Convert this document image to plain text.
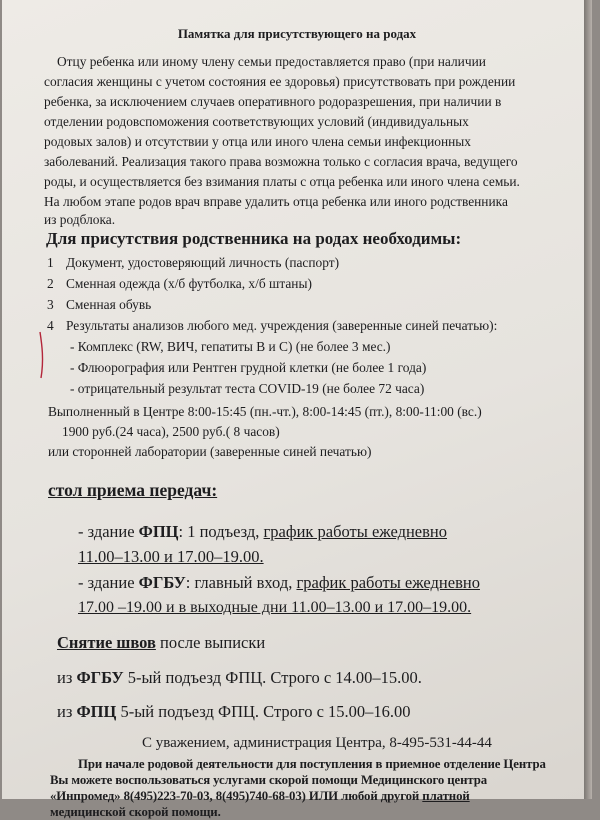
Памятка для присутствующего на родах
Отцу ребенка или иному члену семьи предоставляется право (при наличии
согласия женщины с учетом состояния ее здоровья) присутствовать при рождении
ребенка, за исключением случаев оперативного родоразрешения, при наличии в
отделении родовспоможения соответствующих условий (индивидуальных
родовых залов) и отсутствии у отца или иного члена семьи инфекционных
заболеваний. Реализация такого права возможна только с согласия врача, ведущего
роды, и осуществляется без взимания платы с отца ребенка или иного члена семьи.
На любом этапе родов врач вправе удалить отца ребенка или иного родственника
из родблока.
Для присутствия родственника на родах необходимы:
1 Документ, удостоверяющий личность (паспорт)
2 Сменная одежда (х/б футболка, х/б штаны)
3 Сменная обувь
4 Результаты анализов любого мед. учреждения (заверенные синей печатью):
- Комплекс (RW, ВИЧ, гепатиты В и С) (не более 3 мес.)
- Флюорография или Рентген грудной клетки (не более 1 года)
- отрицательный результат теста COVID-19 (не более 72 часа)
Выполненный в Центре 8:00-15:45 (пн.-чт.), 8:00-14:45 (пт.), 8:00-11:00 (вс.)
1900 руб.(24 часа), 2500 руб.( 8 часов)
или сторонней лаборатории (заверенные синей печатью)
стол приема передач:
- здание ФПЦ: 1 подъезд, график работы ежедневно
11.00–13.00 и 17.00–19.00.
- здание ФГБУ: главный вход, график работы ежедневно
17.00 –19.00 и в выходные дни 11.00–13.00 и 17.00–19.00.
Снятие швов после выписки
из ФГБУ 5-ый подъезд ФПЦ. Строго с 14.00–15.00.
из ФПЦ 5-ый подъезд ФПЦ. Строго с 15.00–16.00
С уважением, администрация Центра, 8-495-531-44-44
При начале родовой деятельности для поступления в приемное отделение Центра
Вы можете воспользоваться услугами скорой помощи Медицинского центра
«Инпромед» 8(495)223-70-03, 8(495)740-68-03) ИЛИ любой другой платной
медицинской скорой помощи.
